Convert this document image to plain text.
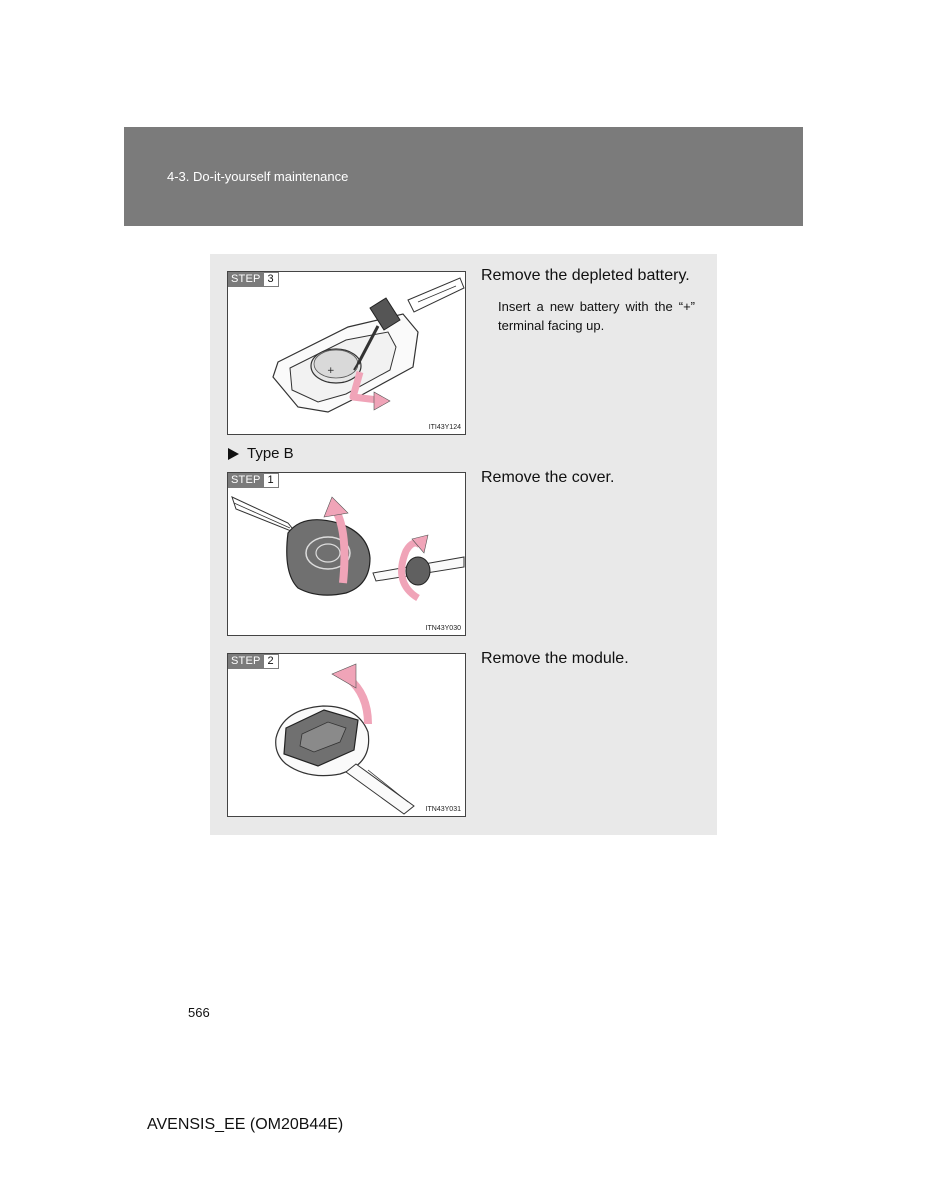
4-3. Do-it-yourself maintenance
+
STEP 3
ITI43Y124
Remove the depleted battery.
Insert a new battery with the “+” terminal facing up.
Type B
STEP 1
ITN43Y030
Remove the cover.
STEP 2
ITN43Y031
Remove the module.
566
AVENSIS_EE (OM20B44E)
